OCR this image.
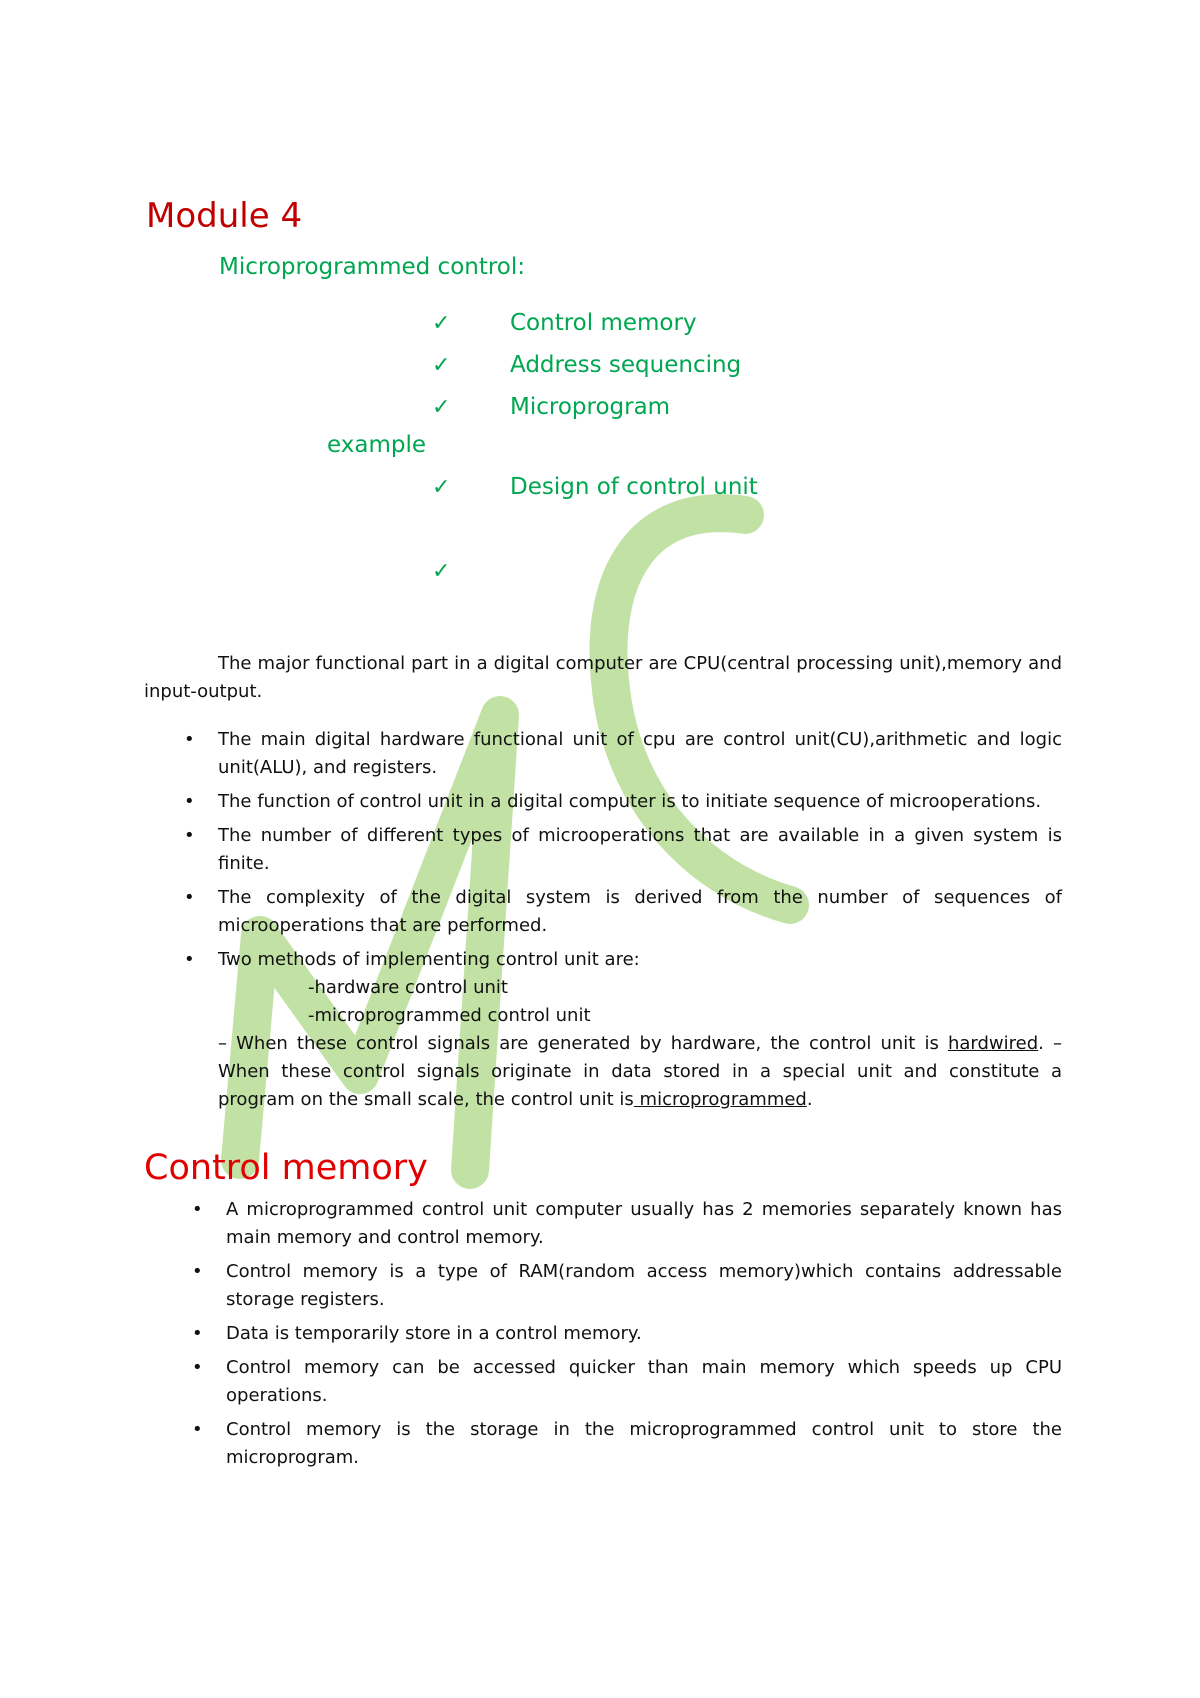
Module 4
Microprogrammed control:
✓	Control memory
✓	Address sequencing
✓	Microprogram
example
✓	Design of control unit
✓
The major functional part in a digital computer are CPU(central processing unit),memory and input-output.
• The main digital hardware functional unit of cpu are control unit(CU),arithmetic and logic unit(ALU), and registers.
• The function of control unit in a digital computer is to initiate sequence of microoperations.
• The number of different types of microoperations that are available in a given system is finite.
• The complexity of the digital system is derived from the number of sequences of microoperations that are performed.
• Two methods of implementing control unit are:
-hardware control unit
-microprogrammed control unit
– When these control signals are generated by hardware, the control unit is hardwired. – When these control signals originate in data stored in a special unit and constitute a program on the small scale, the control unit is microprogrammed.
Control memory
• A microprogrammed control unit computer usually has 2 memories separately known has main memory and control memory.
• Control memory is a type of RAM(random access memory)which contains addressable storage registers.
• Data is temporarily store in a control memory.
• Control memory can be accessed quicker than main memory which speeds up CPU operations.
• Control memory is the storage in the microprogrammed control unit to store the microprogram.
